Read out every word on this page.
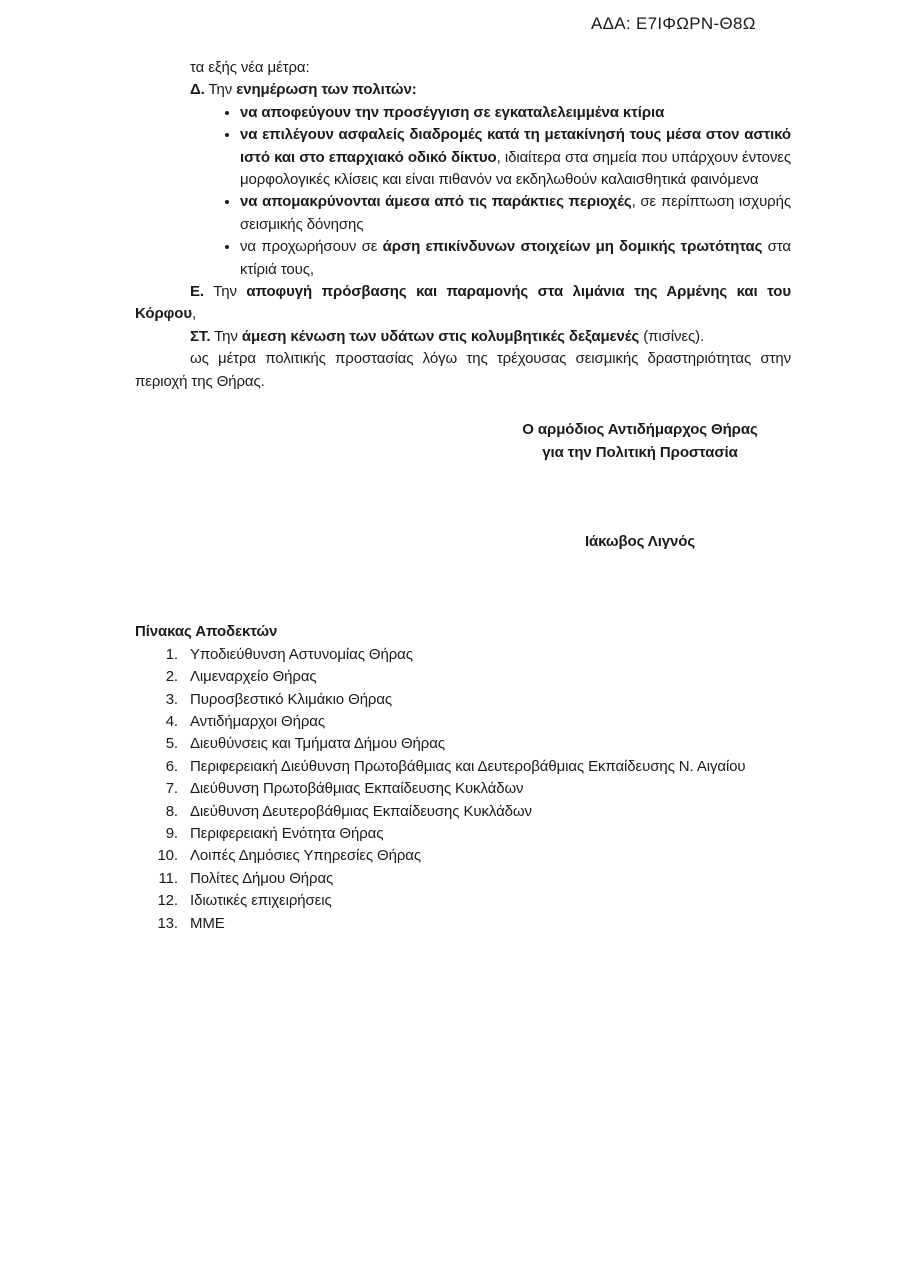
ΑΔΑ: Ε7ΙΦΩΡΝ-Θ8Ω

τα εξής νέα μέτρα:

Δ. Την ενημέρωση των πολιτών:

• να αποφεύγουν την προσέγγιση σε εγκαταλελειμμένα κτίρια
• να επιλέγουν ασφαλείς διαδρομές κατά τη μετακίνησή τους μέσα στον αστικό ιστό και στο επαρχιακό οδικό δίκτυο, ιδιαίτερα στα σημεία που υπάρχουν έντονες μορφολογικές κλίσεις και είναι πιθανόν να εκδηλωθούν καλαισθητικά φαινόμενα
• να απομακρύνονται άμεσα από τις παράκτιες περιοχές, σε περίπτωση ισχυρής σεισμικής δόνησης
• να προχωρήσουν σε άρση επικίνδυνων στοιχείων μη δομικής τρωτότητας στα κτίριά τους,

Ε. Την αποφυγή πρόσβασης και παραμονής στα λιμάνια της Αρμένης και του Κόρφου,

ΣΤ. Την άμεση κένωση των υδάτων στις κολυμβητικές δεξαμενές (πισίνες).

ως μέτρα πολιτικής προστασίας λόγω της τρέχουσας σεισμικής δραστηριότητας στην περιοχή της Θήρας.

Ο αρμόδιος Αντιδήμαρχος Θήρας
για την Πολιτική Προστασία
Ιάκωβος Λιγνός

Πίνακας Αποδεκτών

1. Υποδιεύθυνση Αστυνομίας Θήρας
2. Λιμεναρχείο Θήρας
3. Πυροσβεστικό Κλιμάκιο Θήρας
4. Αντιδήμαρχοι Θήρας
5. Διευθύνσεις και Τμήματα Δήμου Θήρας
6. Περιφερειακή Διεύθυνση Πρωτοβάθμιας και Δευτεροβάθμιας Εκπαίδευσης Ν. Αιγαίου
7. Διεύθυνση Πρωτοβάθμιας Εκπαίδευσης Κυκλάδων
8. Διεύθυνση Δευτεροβάθμιας Εκπαίδευσης Κυκλάδων
9. Περιφερειακή Ενότητα Θήρας
10. Λοιπές Δημόσιες Υπηρεσίες Θήρας
11. Πολίτες Δήμου Θήρας
12. Ιδιωτικές επιχειρήσεις
13. ΜΜΕ
